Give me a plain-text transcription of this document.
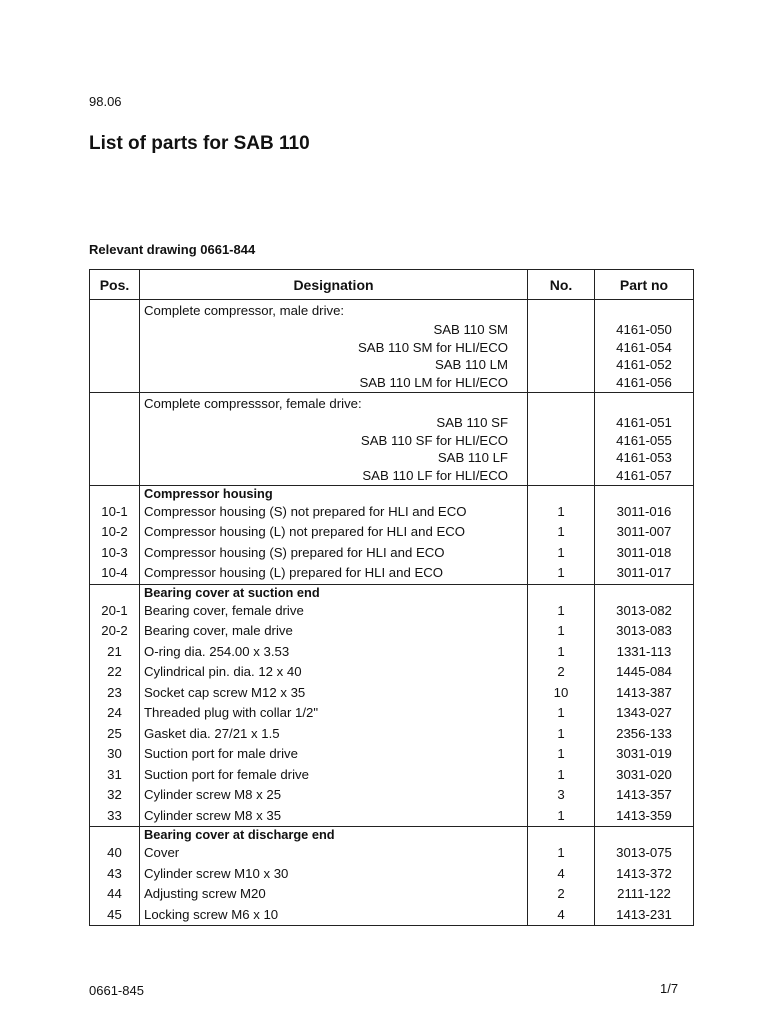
98.06
List of parts for SAB 110
Relevant drawing 0661-844
Pos.	Designation	No.	Part no
	Complete compressor, male drive:		
	SAB 110 SM		4161-050
	SAB 110 SM for HLI/ECO		4161-054
	SAB 110 LM		4161-052
	SAB 110 LM for HLI/ECO		4161-056
	Complete compresssor, female drive:		
	SAB 110 SF		4161-051
	SAB 110 SF for HLI/ECO		4161-055
	SAB 110 LF		4161-053
	SAB 110 LF for HLI/ECO		4161-057
	Compressor housing		
10-1	Compressor housing (S) not prepared for HLI and ECO	1	3011-016
10-2	Compressor housing (L) not prepared for HLI and ECO	1	3011-007
10-3	Compressor housing (S) prepared for HLI and ECO	1	3011-018
10-4	Compressor housing (L) prepared for HLI and ECO	1	3011-017
	Bearing cover at suction end		
20-1	Bearing cover, female drive	1	3013-082
20-2	Bearing cover, male drive	1	3013-083
21	O-ring dia. 254.00 x 3.53	1	1331-113
22	Cylindrical pin. dia. 12 x 40	2	1445-084
23	Socket cap screw M12 x 35	10	1413-387
24	Threaded plug with collar 1/2"	1	1343-027
25	Gasket dia. 27/21 x 1.5	1	2356-133
30	Suction port for male drive	1	3031-019
31	Suction port for female drive	1	3031-020
32	Cylinder screw M8 x 25	3	1413-357
33	Cylinder screw M8 x 35	1	1413-359
	Bearing cover at discharge end		
40	Cover	1	3013-075
43	Cylinder screw M10 x 30	4	1413-372
44	Adjusting screw M20	2	2111-122
45	Locking screw M6 x 10	4	1413-231
0661-845	1/7
